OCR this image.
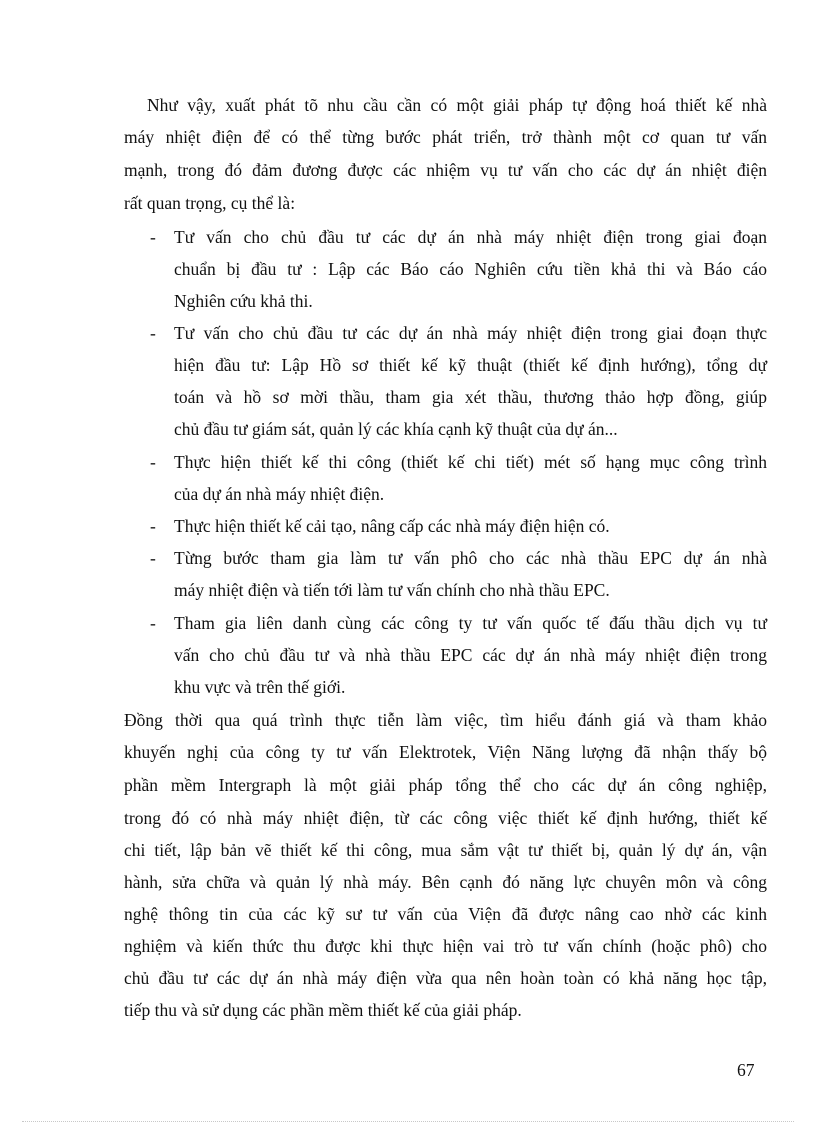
Như vậy, xuất phát tõ nhu cầu cần có một giải pháp tự động hoá thiết kế nhà
máy nhiệt điện để có thể từng bước phát triển, trở thành một cơ quan tư vấn
mạnh, trong đó đảm đương được các nhiệm vụ tư vấn cho các dự án nhiệt điện
rất quan trọng, cụ thể là:
- Tư vấn cho chủ đầu tư các dự án nhà máy nhiệt điện trong giai đoạn
chuẩn bị đầu tư : Lập các Báo cáo Nghiên cứu tiền khả thi và Báo cáo
Nghiên cứu khả thi.
- Tư vấn cho chủ đầu tư các dự án nhà máy nhiệt điện trong giai đoạn thực
hiện đầu tư: Lập Hồ sơ thiết kế kỹ thuật (thiết kế định hướng), tổng dự
toán và hồ sơ mời thầu, tham gia xét thầu, thương thảo hợp đồng, giúp
chủ đầu tư giám sát, quản lý các khía cạnh kỹ thuật của dự án...
- Thực hiện thiết kế thi công (thiết kế chi tiết) mét số hạng mục công trình
của dự án nhà máy nhiệt điện.
- Thực hiện thiết kế cải tạo, nâng cấp các nhà máy điện hiện có.
- Từng bước tham gia làm tư vấn phô cho các nhà thầu EPC dự án nhà
máy nhiệt điện và tiến tới làm tư vấn chính cho nhà thầu EPC.
- Tham gia liên danh cùng các công ty tư vấn quốc tế đấu thầu dịch vụ tư
vấn cho chủ đầu tư và nhà thầu EPC các dự án nhà máy nhiệt điện trong
khu vực và trên thế giới.
Đồng thời qua quá trình thực tiễn làm việc, tìm hiểu đánh giá và tham khảo
khuyến nghị của công ty tư vấn Elektrotek, Viện Năng lượng đã nhận thấy bộ
phần mềm Intergraph là một giải pháp tổng thể cho các dự án công nghiệp,
trong đó có nhà máy nhiệt điện, từ các công việc thiết kế định hướng, thiết kế
chi tiết, lập bản vẽ thiết kế thi công, mua sắm vật tư thiết bị, quản lý dự án, vận
hành, sửa chữa và quản lý nhà máy. Bên cạnh đó năng lực chuyên môn và công
nghệ thông tin của các kỹ sư tư vấn của Viện đã được nâng cao nhờ các kinh
nghiệm và kiến thức thu được khi thực hiện vai trò tư vấn chính (hoặc phô) cho
chủ đầu tư các dự án nhà máy điện vừa qua nên hoàn toàn có khả năng học tập,
tiếp thu và sử dụng các phần mềm thiết kế của giải pháp.
67
